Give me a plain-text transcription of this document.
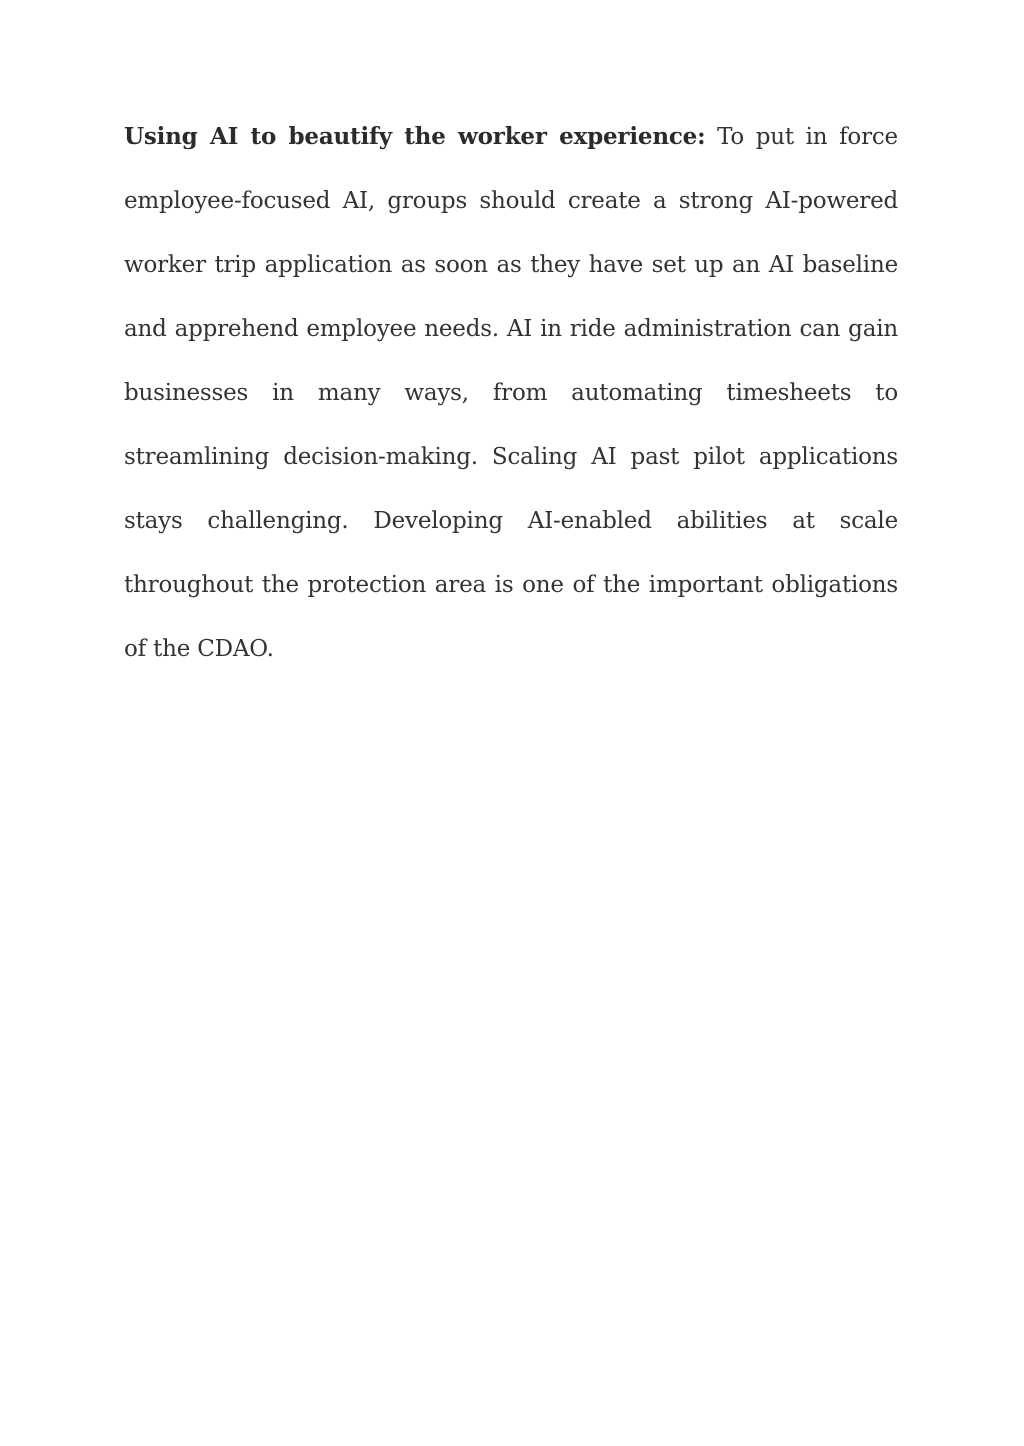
Using AI to beautify the worker experience: To put in force employee-focused AI, groups should create a strong AI-powered worker trip application as soon as they have set up an AI baseline and apprehend employee needs. AI in ride administration can gain businesses in many ways, from automating timesheets to streamlining decision-making. Scaling AI past pilot applications stays challenging. Developing AI-enabled abilities at scale throughout the protection area is one of the important obligations of the CDAO.
